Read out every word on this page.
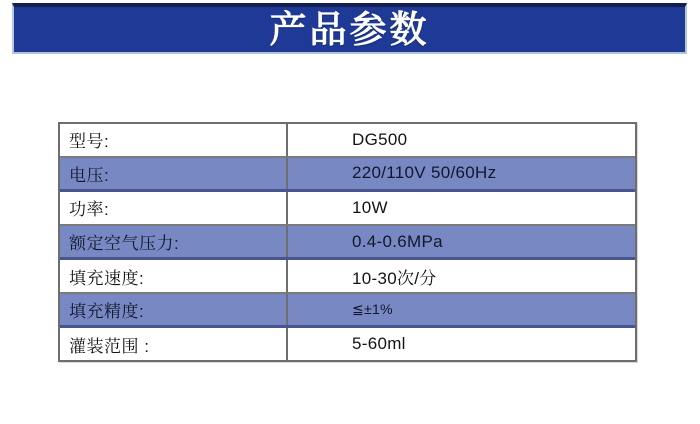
产品参数
型号:	DG500
电压:	220/110V 50/60Hz
功率:	10W
额定空气压力:	0.4-0.6MPa
填充速度:	10-30次/分
填充精度:	≦±1%
灌装范围 :	5-60ml
